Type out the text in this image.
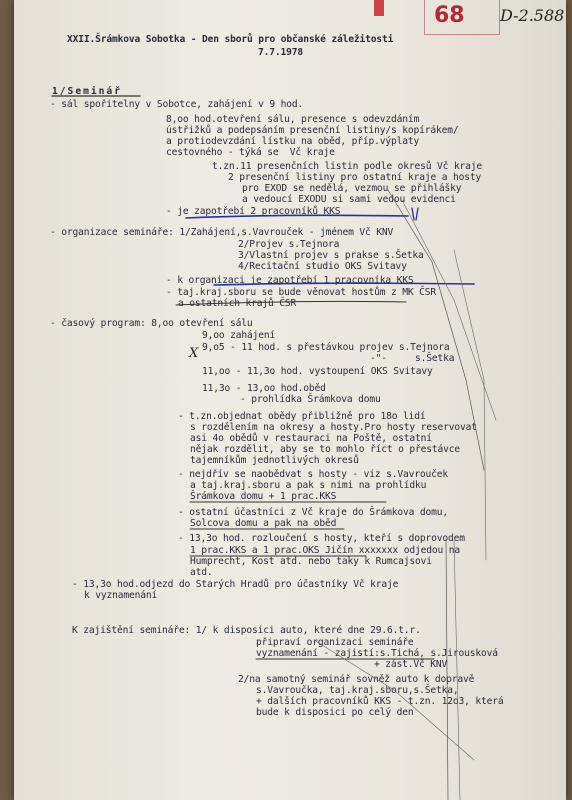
68 D-2.588
XXII.Šrámkova Sobotka - Den sborů pro občanské záležitosti
7.7.1978
1/Seminář
- sál spořitelny v Sobotce, zahájení v 9 hod.
8,oo hod.otevření sálu, presence s odevzdáním
ústřižků a podepsáním presenční listiny/s kopírákem/
a protiodevzdání lístku na oběd, příp.výplaty
cestovného - týká se  Vč kraje
t.zn.11 presenčních listin podle okresů Vč kraje
2 presenční listiny pro ostatní kraje a hosty
pro EXOD se nedělá, vezmou se přihlášky
a vedoucí EXODU si sami vedou evidenci
- je zapotřebí 2 pracovníků KKS
- organizace semináře: 1/Zahájení,s.Vavrouček - jménem Vč KNV
2/Projev s.Tejnora
3/Vlastní projev s prakse s.Šetka
4/Recitační studio OKS Svitavy
- k organizaci je zapotřebí 1 pracovníka KKS
- taj.kraj.sboru se bude věnovat hostům z MK ČSR
a ostatních krajů ČSR
- časový program: 8,oo otevření sálu
9,oo zahájení
9,o5 - 11 hod. s přestávkou projev s.Tejnora
-"-     s.Šetka
11,oo - 11,3o hod. vystoupení OKS Svitavy
11,3o - 13,oo hod.oběd
- prohlídka Šrámkova domu
- t.zn.objednat obědy přibližně pro 18o lidí
s rozdělením na okresy a hosty.Pro hosty reservovat
asi 4o obědů v restauraci na Poště, ostatní
nějak rozdělit, aby se to mohlo říct o přestávce
tajemníkům jednotlivých okresů
- nejdřív se naobědvat s hosty - viz s.Vavrouček
a taj.kraj.sboru a pak s nimi na prohlídku
Šrámkova domu + 1 prac.KKS
- ostatní účastníci z Vč kraje do Šrámkova domu,
Solcova domu a pak na oběd
- 13,3o hod. rozloučení s hosty, kteří s doprovodem
1 prac.KKS a 1 prac.OKS Jičín xxxxxxx odjedou na
Humprecht, Kost atd. nebo taky k Rumcajsovi
atd.
- 13,3o hod.odjezd do Starých Hradů pro účastníky Vč kraje
k vyznamenání
K zajištění semináře: 1/ k disposici auto, které dne 29.6.t.r.
připraví organizaci semináře
vyznamenání - zajistí:s.Tichá, s.Jirousková
+ zást.Vč KNV
2/na samotný seminář sovněž auto k dopravě
s.Vavroučka, taj.kraj.sboru,s.Šetka,
+ dalších pracovníků KKS - t.zn. 12o3, která
bude k disposici po celý den
X
